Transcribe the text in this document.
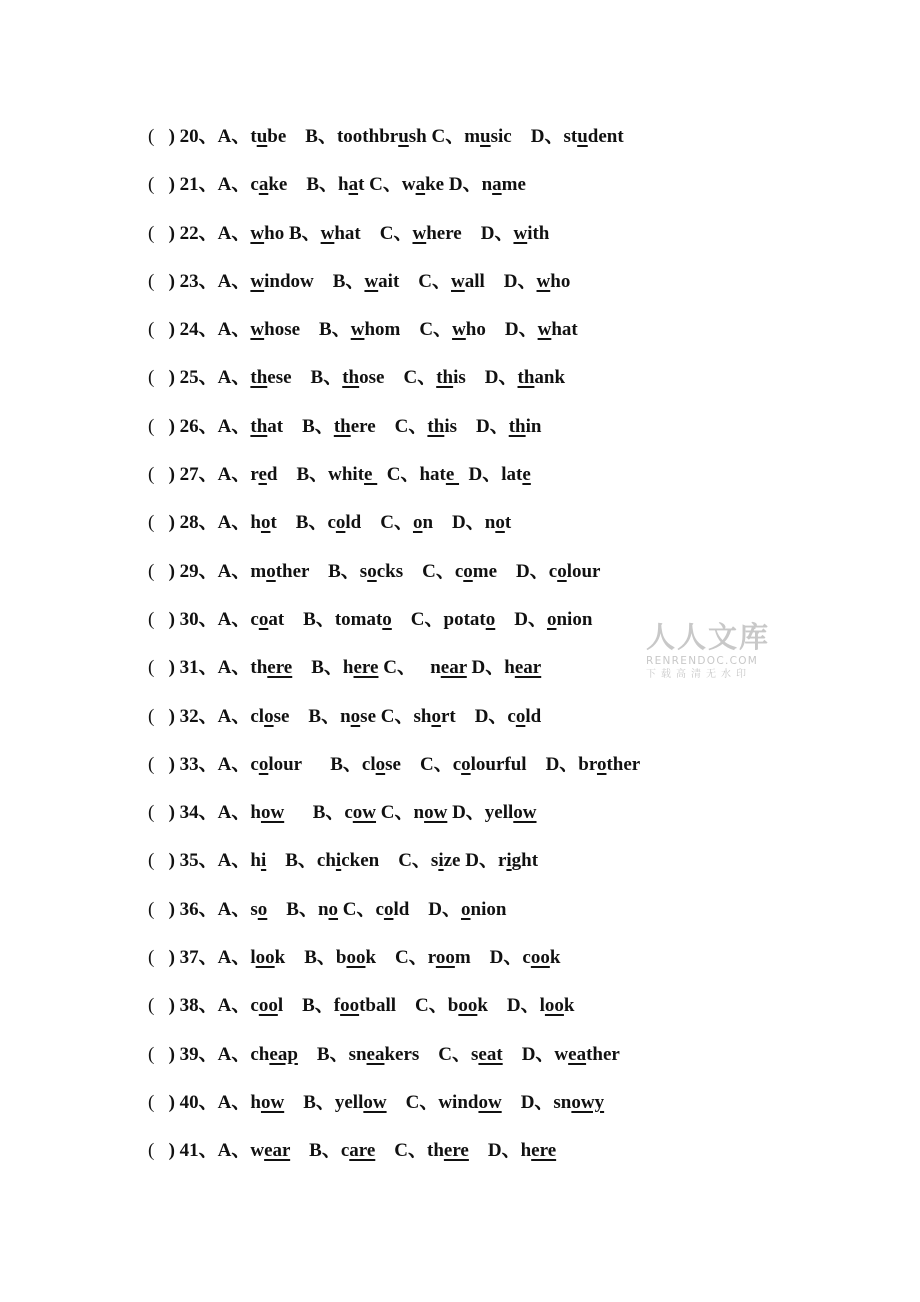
(   ) 20、A、tube    B、toothbrush C、music    D、student
(   ) 21、A、cake    B、hat C、wake D、name
(   ) 22、A、who B、what    C、where    D、with
(   ) 23、A、window    B、wait    C、wall    D、who
(   ) 24、A、whose    B、whom    C、who    D、what
(   ) 25、A、these    B、those    C、this    D、thank
(   ) 26、A、that    B、there    C、this    D、thin
(   ) 27、A、red    B、white   C、hate   D、late
(   ) 28、A、hot    B、cold    C、on    D、not
(   ) 29、A、mother    B、socks    C、come    D、colour
(   ) 30、A、coat    B、tomato    C、potato    D、onion
(   ) 31、A、there    B、here C、   near D、hear
(   ) 32、A、close    B、nose C、short    D、cold
(   ) 33、A、colour      B、close    C、colourful    D、brother
(   ) 34、A、how      B、cow C、now D、yellow
(   ) 35、A、hi    B、chicken    C、size D、right
(   ) 36、A、so    B、no C、cold    D、onion
(   ) 37、A、look    B、book    C、room    D、cook
(   ) 38、A、cool    B、football    C、book    D、look
(   ) 39、A、cheap    B、sneakers    C、seat    D、weather
(   ) 40、A、how    B、yellow    C、window    D、snowy
(   ) 41、A、wear    B、care    C、there    D、here
人人文库
RENRENDOC.COM
下载高清无水印
